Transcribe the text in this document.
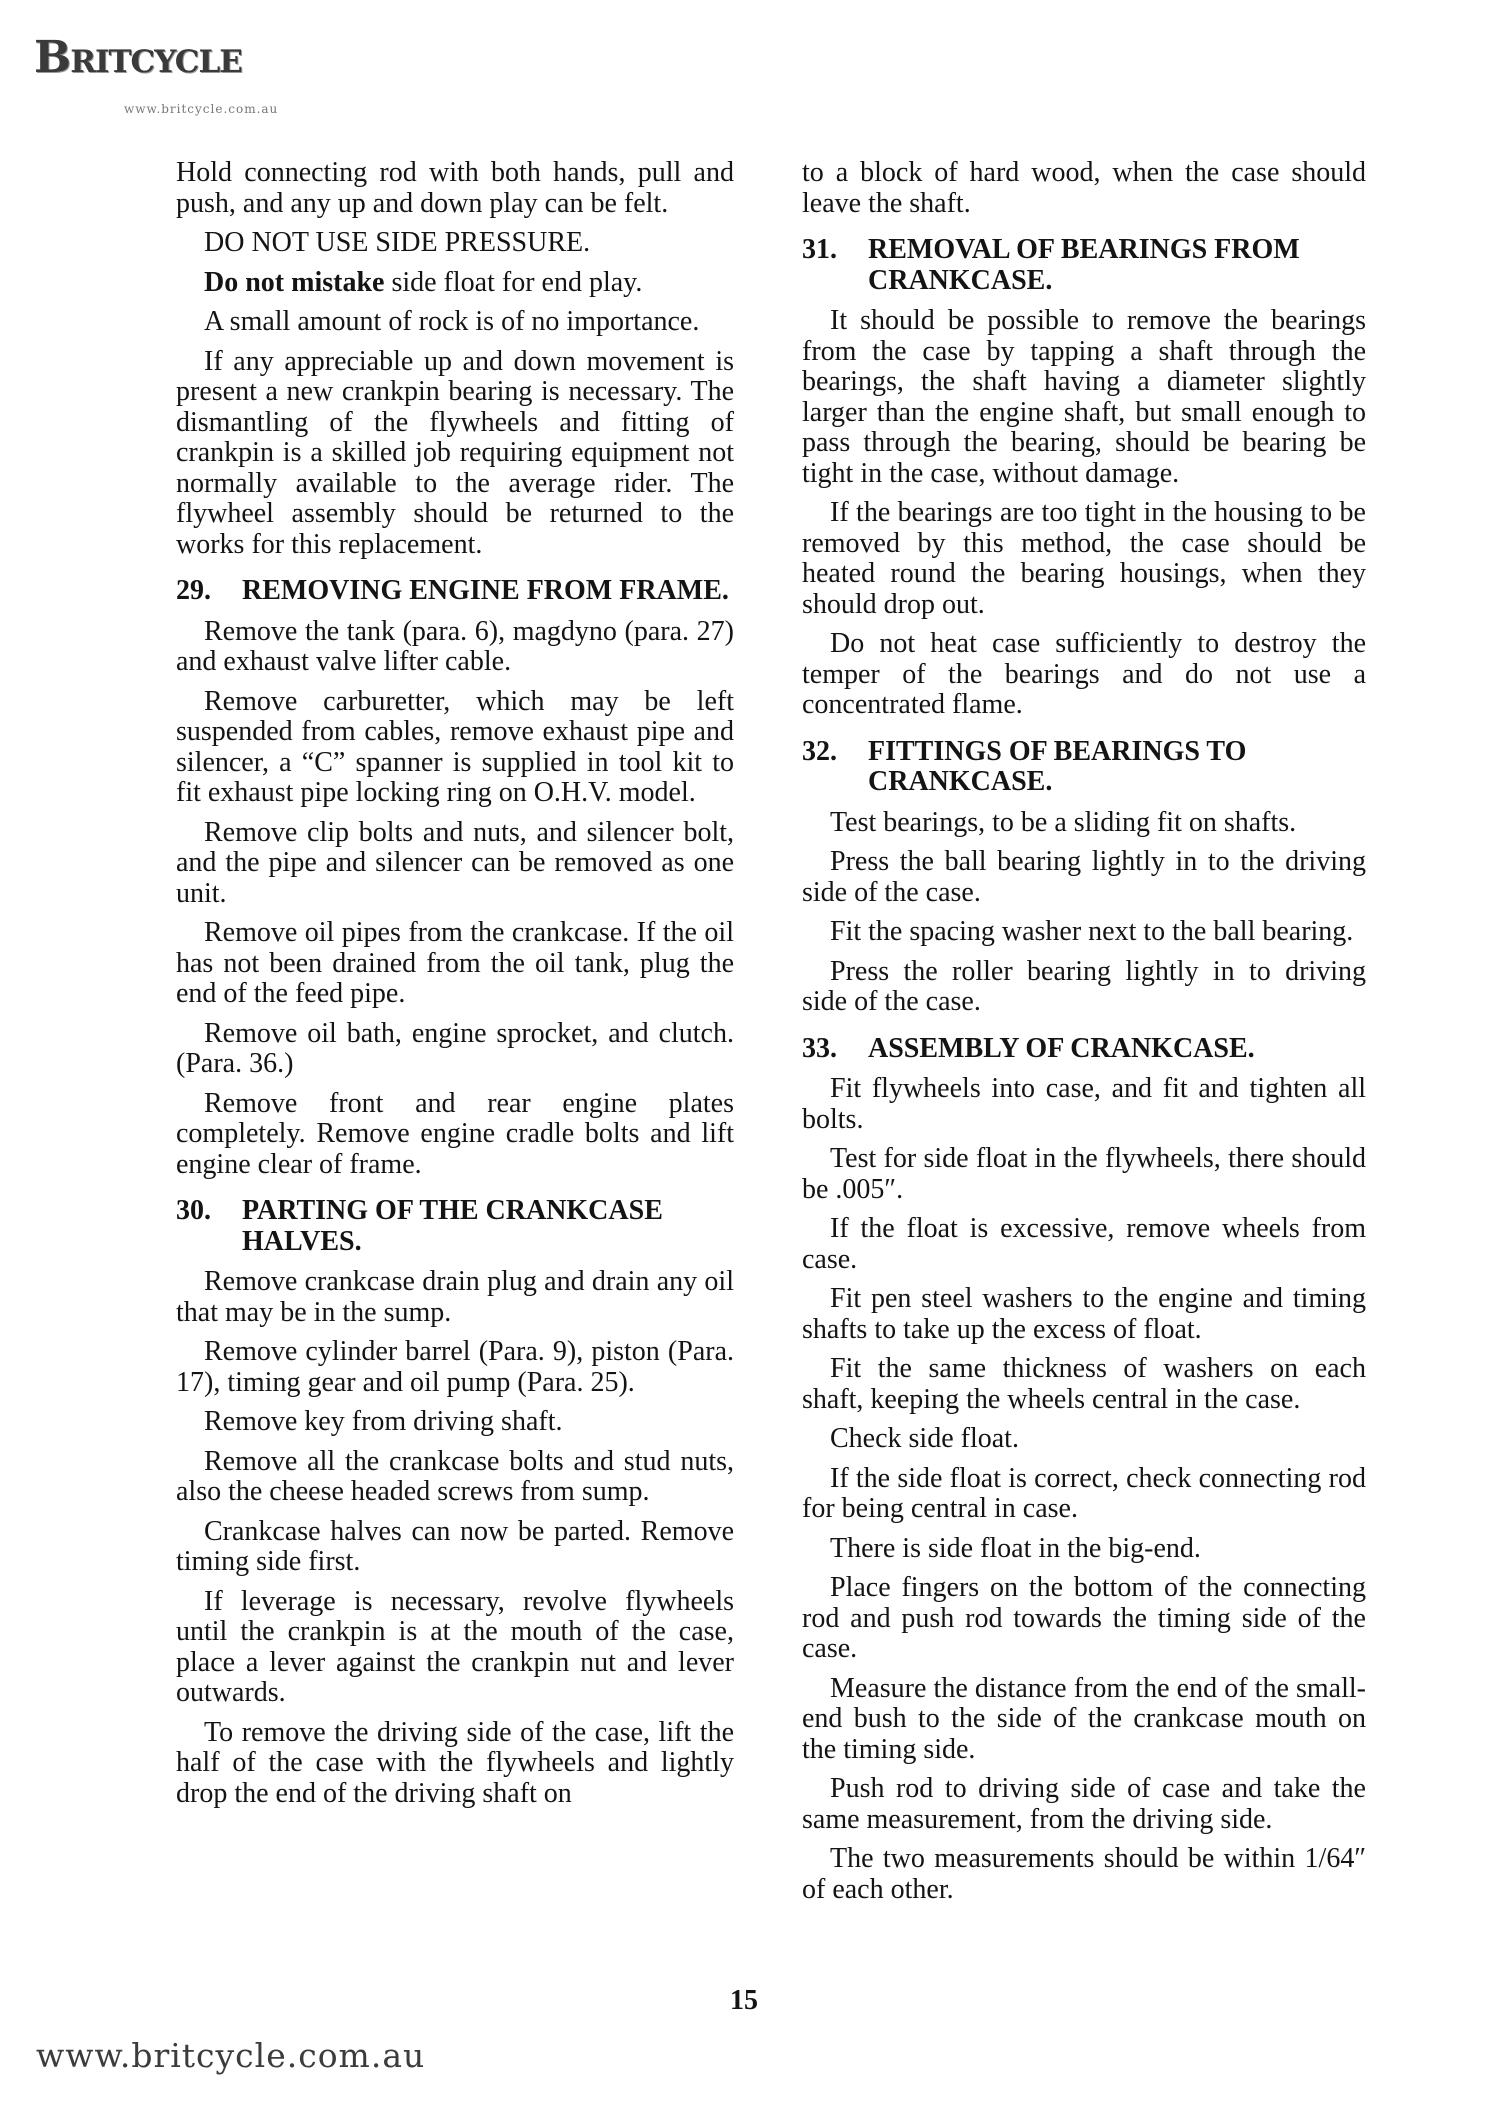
Britcycle
www.britcycle.com.au

Hold connecting rod with both hands, pull and push, and any up and down play can be felt.

DO NOT USE SIDE PRESSURE.

Do not mistake side float for end play.

A small amount of rock is of no importance.

If any appreciable up and down movement is present a new crankpin bearing is necessary. The dismantling of the flywheels and fitting of crankpin is a skilled job requiring equipment not normally available to the average rider. The flywheel assembly should be returned to the works for this replacement.

29.	REMOVING ENGINE FROM FRAME.

Remove the tank (para. 6), magdyno (para. 27) and exhaust valve lifter cable.

Remove carburetter, which may be left suspended from cables, remove exhaust pipe and silencer, a “C” spanner is supplied in tool kit to fit exhaust pipe locking ring on O.H.V. model.

Remove clip bolts and nuts, and silencer bolt, and the pipe and silencer can be removed as one unit.

Remove oil pipes from the crankcase. If the oil has not been drained from the oil tank, plug the end of the feed pipe.

Remove oil bath, engine sprocket, and clutch. (Para. 36.)

Remove front and rear engine plates completely. Remove engine cradle bolts and lift engine clear of frame.

30.	PARTING OF THE CRANKCASE HALVES.

Remove crankcase drain plug and drain any oil that may be in the sump.

Remove cylinder barrel (Para. 9), piston (Para. 17), timing gear and oil pump (Para. 25).

Remove key from driving shaft.

Remove all the crankcase bolts and stud nuts, also the cheese headed screws from sump.

Crankcase halves can now be parted. Remove timing side first.

If leverage is necessary, revolve flywheels until the crankpin is at the mouth of the case, place a lever against the crankpin nut and lever outwards.

To remove the driving side of the case, lift the half of the case with the flywheels and lightly drop the end of the driving shaft on

to a block of hard wood, when the case should leave the shaft.

31.	REMOVAL OF BEARINGS FROM CRANKCASE.

It should be possible to remove the bearings from the case by tapping a shaft through the bearings, the shaft having a diameter slightly larger than the engine shaft, but small enough to pass through the bearing, should be bearing be tight in the case, without damage.

If the bearings are too tight in the housing to be removed by this method, the case should be heated round the bearing housings, when they should drop out.

Do not heat case sufficiently to destroy the temper of the bearings and do not use a concentrated flame.

32.	FITTINGS OF BEARINGS TO CRANKCASE.

Test bearings, to be a sliding fit on shafts.

Press the ball bearing lightly in to the driving side of the case.

Fit the spacing washer next to the ball bearing.

Press the roller bearing lightly in to driving side of the case.

33.	ASSEMBLY OF CRANKCASE.

Fit flywheels into case, and fit and tighten all bolts.

Test for side float in the flywheels, there should be .005″.

If the float is excessive, remove wheels from case.

Fit pen steel washers to the engine and timing shafts to take up the excess of float.

Fit the same thickness of washers on each shaft, keeping the wheels central in the case.

Check side float.

If the side float is correct, check connecting rod for being central in case.

There is side float in the big-end.

Place fingers on the bottom of the connecting rod and push rod towards the timing side of the case.

Measure the distance from the end of the small-end bush to the side of the crankcase mouth on the timing side.

Push rod to driving side of case and take the same measurement, from the driving side.

The two measurements should be within 1/64″ of each other.

15
www.britcycle.com.au
